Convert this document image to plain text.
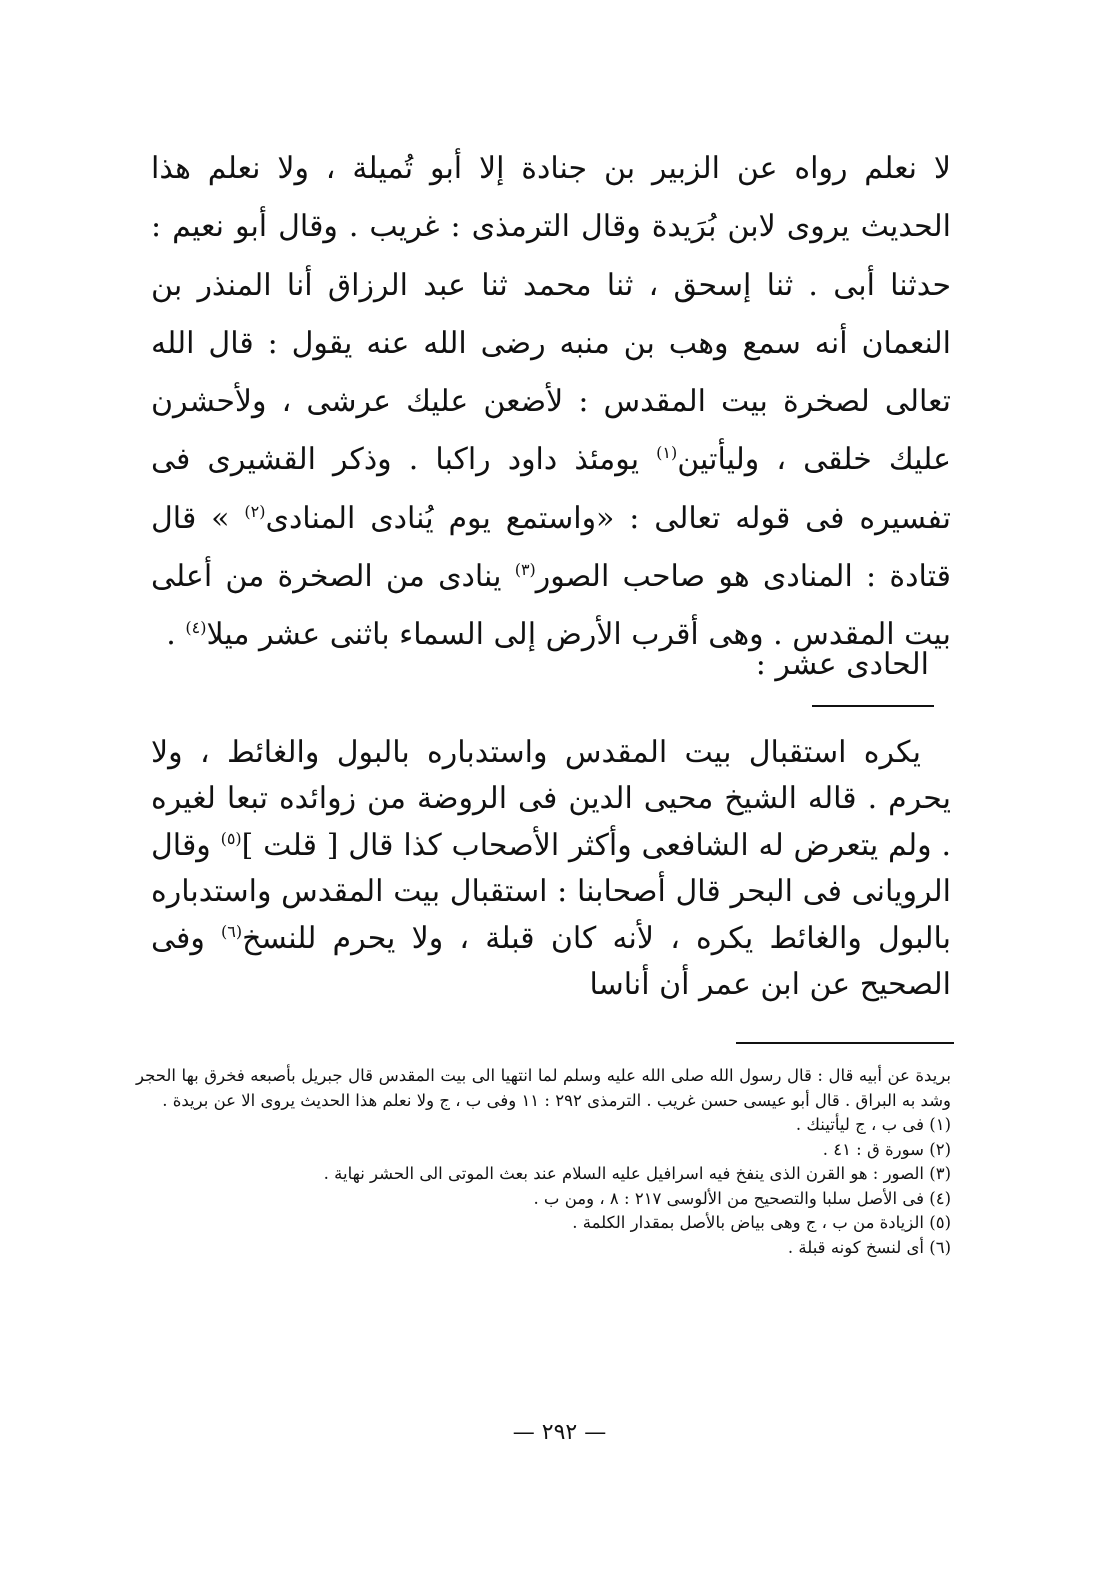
لا نعلم رواه عن الزبير بن جنادة إلا أبو تُميلة ، ولا نعلم هذا الحديث يروى لابن بُرَيدة وقال الترمذى : غريب . وقال أبو نعيم : حدثنا أبى . ثنا إسحق ، ثنا محمد ثنا عبد الرزاق أنا المنذر بن النعمان أنه سمع وهب بن منبه رضى الله عنه يقول : قال الله تعالى لصخرة بيت المقدس : لأضعن عليك عرشى ، ولأحشرن عليك خلقى ، وليأتين$^{(١)}$ يومئذ داود راكبا . وذكر القشيرى فى تفسيره فى قوله تعالى : «واستمع يوم يُنادى المنادى$^{(٢)}$ » قال قتادة : المنادى هو صاحب الصور$^{(٣)}$ ينادى من الصخرة من أعلى بيت المقدس . وهى أقرب الأرض إلى السماء باثنى عشر ميلا$^{(٤)}$ .

الحادى عشر :

يكره استقبال بيت المقدس واستدباره بالبول والغائط ، ولا يحرم . قاله الشيخ محيى الدين فى الروضة من زوائده تبعا لغيره . ولم يتعرض له الشافعى وأكثر الأصحاب كذا قال [ قلت ]$^{(٥)}$ وقال الرويانى فى البحر قال أصحابنا : استقبال بيت المقدس واستدباره بالبول والغائط يكره ، لأنه كان قبلة ، ولا يحرم للنسخ$^{(٦)}$ وفى الصحيح عن ابن عمر أن أناسا

بريدة عن أبيه قال : قال رسول الله صلى الله عليه وسلم لما انتهيا الى بيت المقدس قال جبريل بأصبعه فخرق بها الحجر وشد به البراق . قال أبو عيسى حسن غريب . الترمذى ٢٩٢ : ١١ وفى ب ، ج ولا نعلم هذا الحديث يروى الا عن بريدة .

(١) فى ب ، ج ليأتينك .

(٢) سورة ق : ٤١ .

(٣) الصور : هو القرن الذى ينفخ فيه اسرافيل عليه السلام عند بعث الموتى الى الحشر نهاية .

(٤) فى الأصل سلبا والتصحيح من الألوسى ٢١٧ : ٨ ، ومن ب .

(٥) الزيادة من ب ، ج وهى بياض بالأصل بمقدار الكلمة .

(٦) أى لنسخ كونه قبلة .

— ٢٩٢ —
